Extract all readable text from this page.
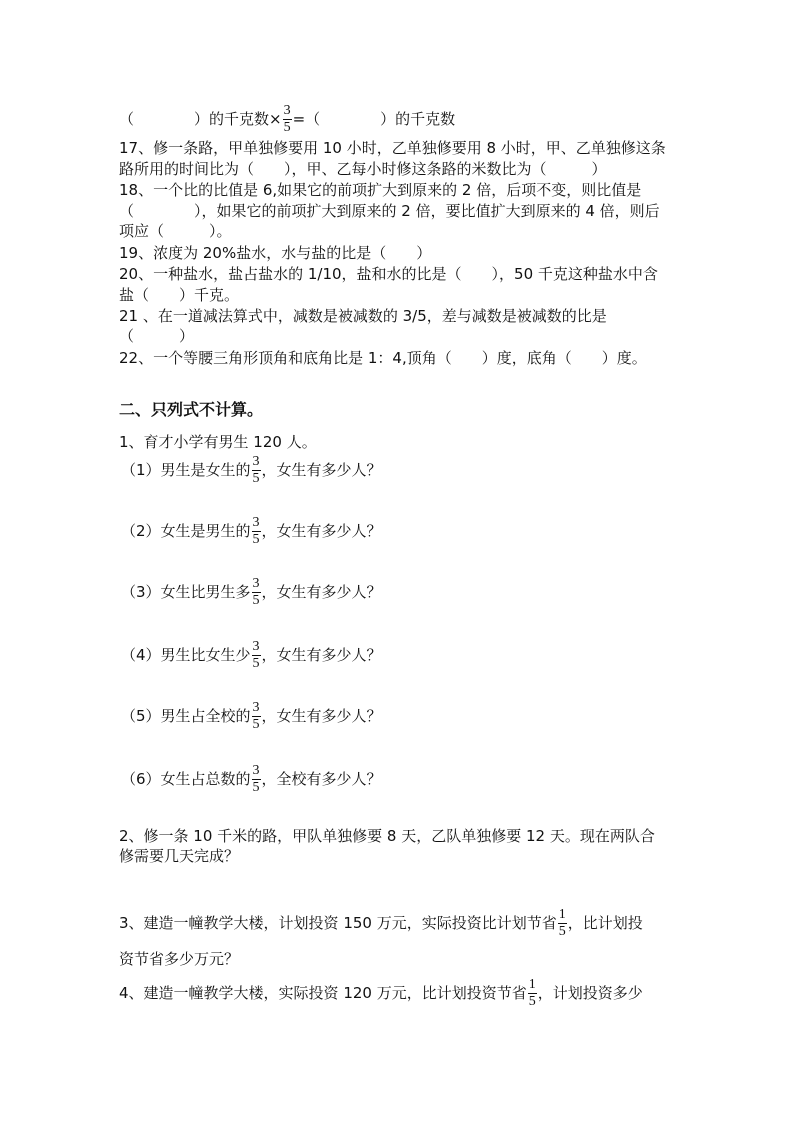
（	）的千克数× $\frac{3}{5}$ =（	）的千克数
17、修一条路，甲单独修要用 10 小时，乙单独修要用 8 小时，甲、乙单独修这条
路所用的时间比为（　　），甲、乙每小时修这条路的米数比为（　　　）
18、一个比的比值是 6,如果它的前项扩大到原来的 2 倍，后项不变，则比值是
（　　　　），如果它的前项扩大到原来的 2 倍，要比值扩大到原来的 4 倍，则后
项应（　　　）。
19、浓度为 20%盐水，水与盐的比是（　　）
20、一种盐水，盐占盐水的 1/10，盐和水的比是（　　），50 千克这种盐水中含
盐（　　）千克。
21 、在一道减法算式中，减数是被减数的 3/5，差与减数是被减数的比是
（　　　）
22、一个等腰三角形顶角和底角比是 1：4,顶角（　　）度，底角（　　）度。
二、只列式不计算。
1、育才小学有男生 120 人。
（1）男生是女生的 $\frac{3}{5}$ ，女生有多少人？
（2）女生是男生的 $\frac{3}{5}$ ，女生有多少人？
（3）女生比男生多 $\frac{3}{5}$ ，女生有多少人？
（4）男生比女生少 $\frac{3}{5}$ ，女生有多少人？
（5）男生占全校的 $\frac{3}{5}$ ，女生有多少人？
（6）女生占总数的 $\frac{3}{5}$ ，全校有多少人？
2、修一条 10 千米的路，甲队单独修要 8 天，乙队单独修要 12 天。现在两队合
修需要几天完成？
3、建造一幢教学大楼，计划投资 150 万元，实际投资比计划节省 $\frac{1}{5}$ ，比计划投
资节省多少万元？
4、建造一幢教学大楼，实际投资 120 万元，比计划投资节省 $\frac{1}{5}$ ，计划投资多少
